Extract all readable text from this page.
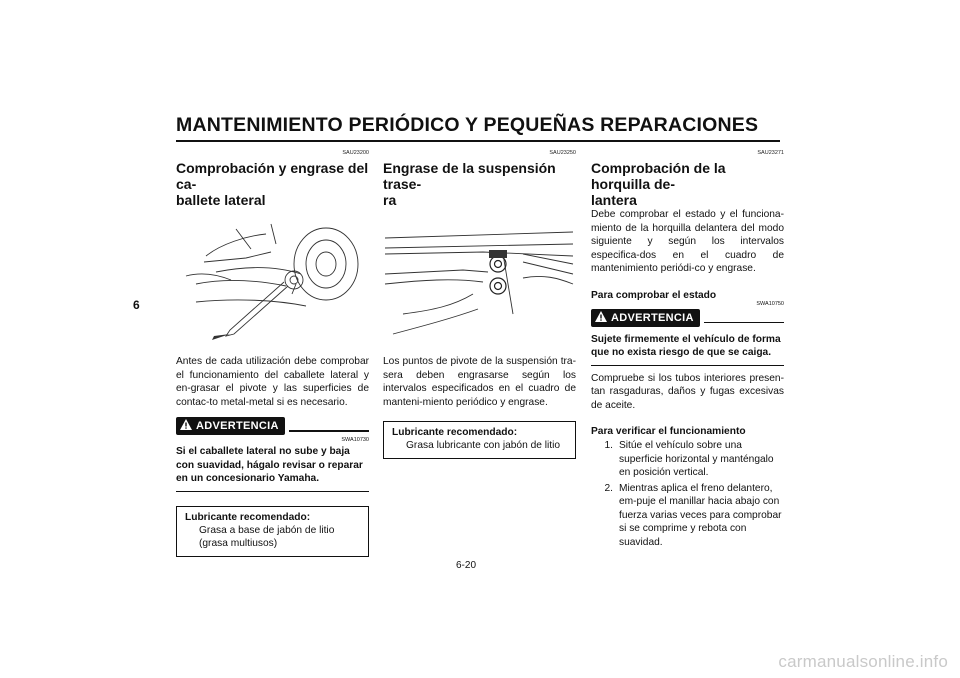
MANTENIMIENTO PERIÓDICO Y PEQUEÑAS REPARACIONES
6
SAU23200
Comprobación y engrase del ca-
ballete lateral
Antes de cada utilización debe comprobar el funcionamiento del caballete lateral y en-grasar el pivote y las superficies de contac-to metal-metal si es necesario.
ADVERTENCIA
SWA10730
Si el caballete lateral no sube y baja con suavidad, hágalo revisar o reparar en un concesionario Yamaha.
Lubricante recomendado:
Grasa a base de jabón de litio (grasa multiusos)
SAU23250
Engrase de la suspensión trase-
ra
Los puntos de pivote de la suspensión tra-sera deben engrasarse según los intervalos especificados en el cuadro de manteni-miento periódico y engrase.
Lubricante recomendado:
Grasa lubricante con jabón de litio
SAU23271
Comprobación de la horquilla de-
lantera
Debe comprobar el estado y el funciona-miento de la horquilla delantera del modo siguiente y según los intervalos especifica-dos en el cuadro de mantenimiento periódi-co y engrase.
Para comprobar el estado
SWA10750
ADVERTENCIA
Sujete firmemente el vehículo de forma que no exista riesgo de que se caiga.
Compruebe si los tubos interiores presen-tan rasgaduras, daños y fugas excesivas de aceite.
Para verificar el funcionamiento
1. Sitúe el vehículo sobre una superficie horizontal y manténgalo en posición vertical.
2. Mientras aplica el freno delantero, em-puje el manillar hacia abajo con fuerza varias veces para comprobar si se comprime y rebota con suavidad.
6-20
carmanualsonline.info
